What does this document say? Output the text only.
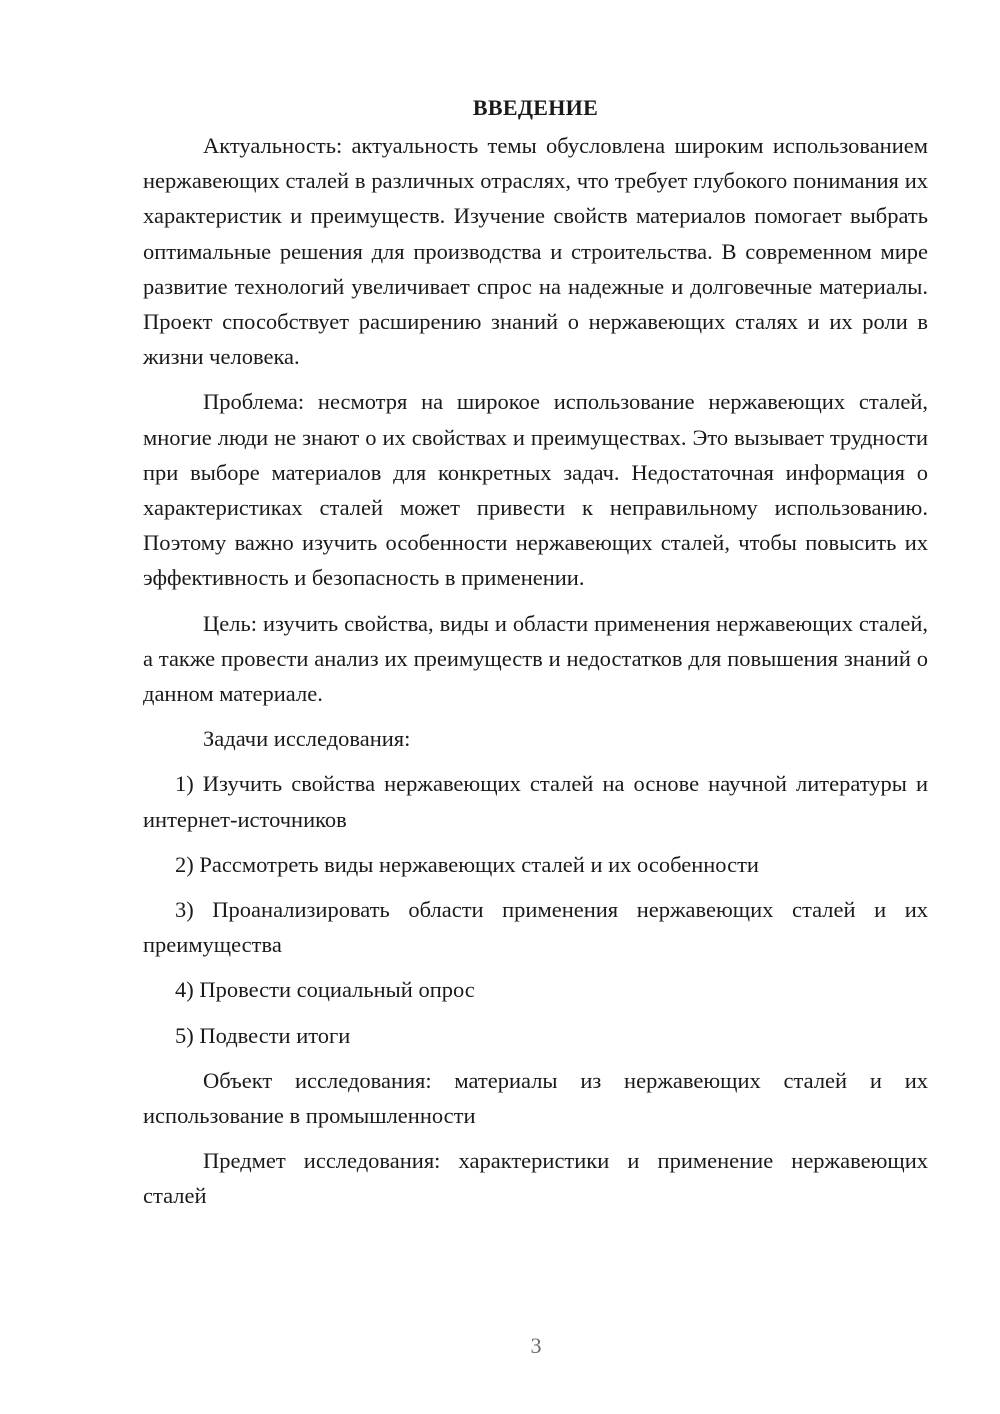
ВВЕДЕНИЕ

Актуальность: актуальность темы обусловлена широким использованием нержавеющих сталей в различных отраслях, что требует глубокого понимания их характеристик и преимуществ. Изучение свойств материалов помогает выбрать оптимальные решения для производства и строительства. В современном мире развитие технологий увеличивает спрос на надежные и долговечные материалы. Проект способствует расширению знаний о нержавеющих сталях и их роли в жизни человека.

Проблема: несмотря на широкое использование нержавеющих сталей, многие люди не знают о их свойствах и преимуществах. Это вызывает трудности при выборе материалов для конкретных задач. Недостаточная информация о характеристиках сталей может привести к неправильному использованию. Поэтому важно изучить особенности нержавеющих сталей, чтобы повысить их эффективность и безопасность в применении.

Цель: изучить свойства, виды и области применения нержавеющих сталей, а также провести анализ их преимуществ и недостатков для повышения знаний о данном материале.

Задачи исследования:

1) Изучить свойства нержавеющих сталей на основе научной литературы и интернет-источников

2) Рассмотреть виды нержавеющих сталей и их особенности

3) Проанализировать области применения нержавеющих сталей и их преимущества

4) Провести социальный опрос

5) Подвести итоги

Объект исследования: материалы из нержавеющих сталей и их использование в промышленности

Предмет исследования: характеристики и применение нержавеющих сталей

3
